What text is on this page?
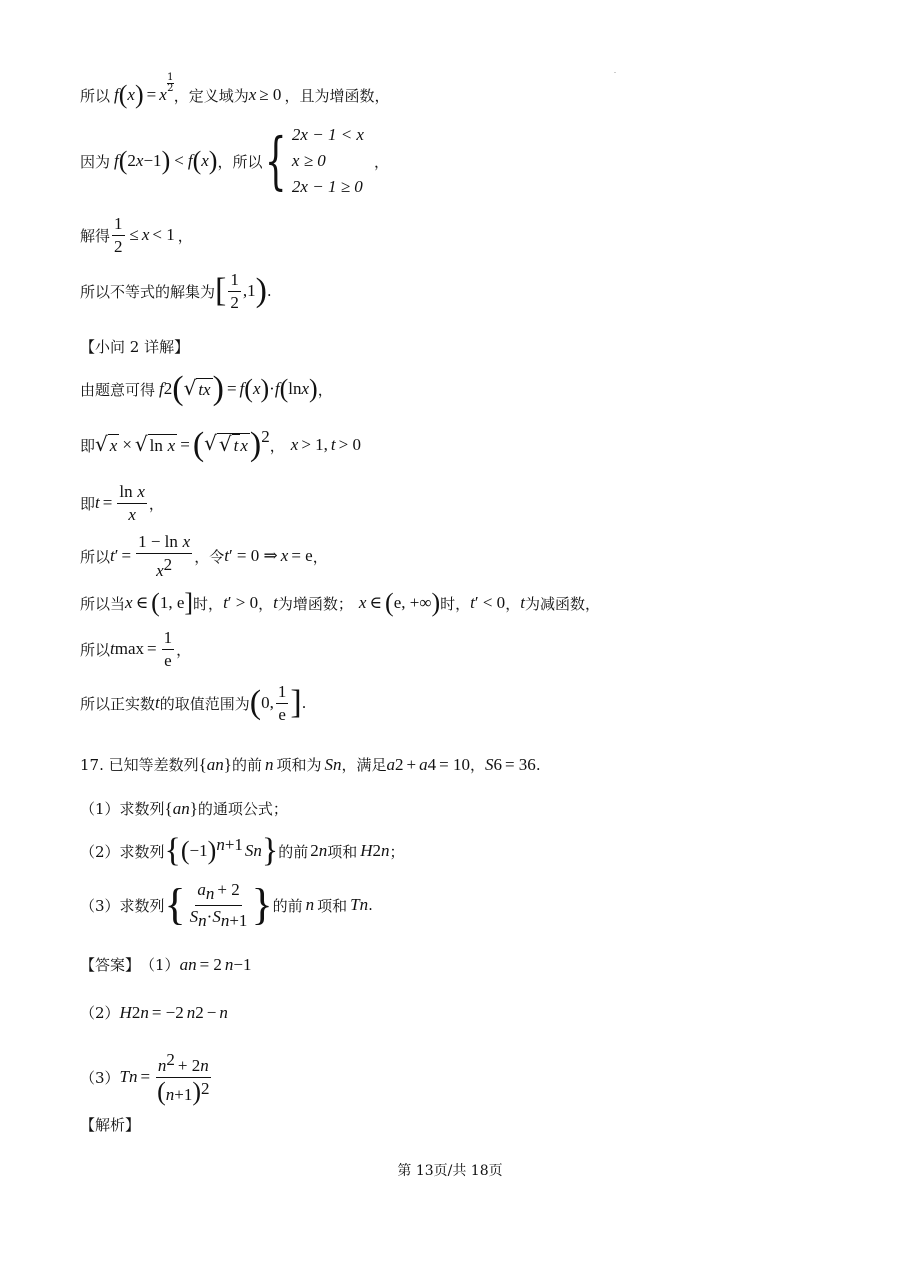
所以 f ( x ) = x
1
2 ，定义域为 x ≥ 0 ，且为增函数，
因为 f ( 2 x −1 ) < f ( x ) ，所以 { 2x − 1 < x
x ≥ 0
2x − 1 ≥ 0
，
解得 $\frac{1}{2} \le x < 1$ ，
所以不等式的解集为 [ $\frac{1}{2} ,1$ ) .
【小问 2 详解】
由题意可得 f 2 ( √ tx ) = f ( x ) · f ( ln x ) ，
即 √ x × √ ln x = ( √ √ t x )$^2$ ， x > 1, t > 0
即 $t = \frac{\text{ln x}}{x}$ ，
所以 t ′ = $\frac{\text{1 − ln x}}{x^2}$ ，令 t ′ = 0 ⇒ x = e ，
所以当 x ∈ ( 1, e ] 时， t ′ > 0 ， t 为增函数； x ∈ ( e, +∞ ) 时， t ′ < 0 ， t 为减函数，
所以 t $\max = \frac{1}{e}$ ，
所以正实数 t 的取值范围为 ( 0, $\frac{1}{e}$ ] .
17. 已知等差数列 { a n } 的前 n 项和为 S n ，满足 a 2 + a 4 = 10 ， S 6 = 36 .
（1）求数列 { a n } 的通项公式；
（2）求数列 { ( −1 )$^{n+1}$ S n } 的前 2 n 项和 H 2 n ；
（3）求数列 { $\frac{a_n + 2}{S_n\cdot S_{n+1}}$ } 的前 n 项和 T n .
【答案】 （1） a n = 2 n −1
（2） H 2 n = −2 n 2 − n
（3） T $n = \frac{n^2 + 2n}{(n+1)^2}$
【解析】
第 13页/共 18页
